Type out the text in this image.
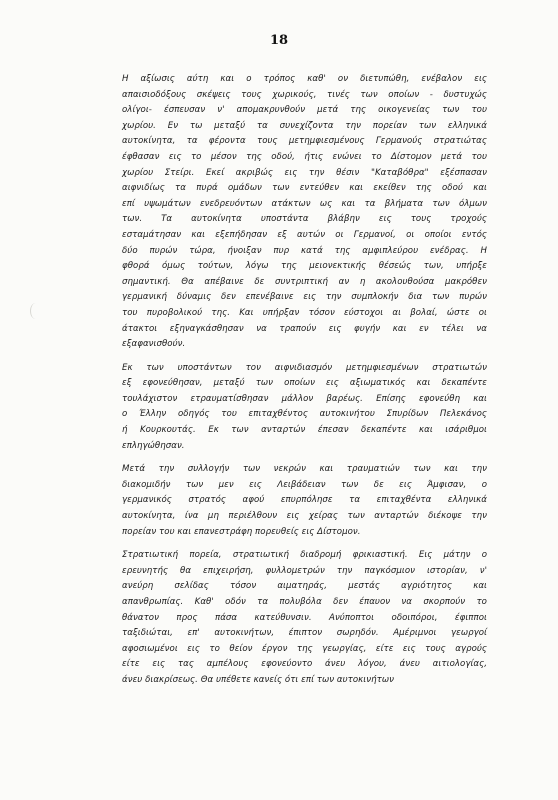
18
Η αξίωσις αύτη και ο τρόπος καθ' ον διετυπώθη, ενέβαλον εις
απαισιοδόξους σκέψεις τους χωρικούς, τινές των οποίων - δυστυχώς
ολίγοι- έσπευσαν ν' απομακρυνθούν μετά της οικογενείας των του
χωρίου. Εν τω μεταξύ τα συνεχίζοντα την πορείαν των ελληνικά
αυτοκίνητα, τα φέροντα τους μετημφιεσμένους Γερμανούς στρατιώτας
έφθασαν εις το μέσον της οδού, ήτις ενώνει το Δίστομον μετά του
χωρίου Στείρι. Εκεί ακριβώς εις την θέσιν "Καταβόθρα" εξέσπασαν
αιφνιδίως τα πυρά ομάδων των εντεύθεν και εκείθεν της οδού και
επί υψωμάτων ενεδρευόντων ατάκτων ως και τα βλήματα των όλμων
των. Τα αυτοκίνητα υποστάντα βλάβην εις τους τροχούς
εσταμάτησαν και εξεπήδησαν εξ αυτών οι Γερμανοί, οι οποίοι εντός
δύο πυρών τώρα, ήνοιξαν πυρ κατά της αμφιπλεύρου ενέδρας. Η
φθορά όμως τούτων, λόγω της μειονεκτικής θέσεώς των, υπήρξε
σημαντική. Θα απέβαινε δε συντριπτική αν η ακολουθούσα μακρόθεν
γερμανική δύναμις δεν επενέβαινε εις την συμπλοκήν δια των πυρών
του πυροβολικού της. Και υπήρξαν τόσον εύστοχοι αι βολαί, ώστε οι
άτακτοι εξηναγκάσθησαν να τραπούν εις φυγήν και εν τέλει να
εξαφανισθούν.
Εκ των υποστάντων τον αιφνιδιασμόν μετημφιεσμένων στρατιωτών
εξ εφονεύθησαν, μεταξύ των οποίων εις αξιωματικός και δεκαπέντε
τουλάχιστον ετραυματίσθησαν μάλλον βαρέως. Επίσης εφονεύθη και
ο Έλλην οδηγός του επιταχθέντος αυτοκινήτου Σπυρίδων Πελεκάνος
ή Κουρκουτάς. Εκ των ανταρτών έπεσαν δεκαπέντε και ισάριθμοι
επληγώθησαν.
Μετά την συλλογήν των νεκρών και τραυματιών των και την
διακομιδήν των μεν εις Λειβάδειαν των δε εις Άμφισαν, ο
γερμανικός στρατός αφού επυρπόλησε τα επιταχθέντα ελληνικά
αυτοκίνητα, ίνα μη περιέλθουν εις χείρας των ανταρτών διέκοψε την
πορείαν του και επανεστράφη πορευθείς εις Δίστομον.
Στρατιωτική πορεία, στρατιωτική διαδρομή φρικιαστική. Εις μάτην ο
ερευνητής θα επιχειρήση, φυλλομετρών την παγκόσμιον ιστορίαν, ν'
ανεύρη σελίδας τόσον αιματηράς, μεστάς αγριότητος και
απανθρωπίας. Καθ' οδόν τα πολυβόλα δεν έπαυον να σκορπούν το
θάνατον προς πάσα κατεύθυνσιν. Ανύποπτοι οδοιπόροι, έφιπποι
ταξιδιώται, επ' αυτοκινήτων, έπιπτον σωρηδόν. Αμέριμνοι γεωργοί
αφοσιωμένοι εις το θείον έργον της γεωργίας, είτε εις τους αγρούς
είτε εις τας αμπέλους εφονεύοντο άνευ λόγου, άνευ αιτιολογίας,
άνευ διακρίσεως. Θα υπέθετε κανείς ότι επί των αυτοκινήτων
